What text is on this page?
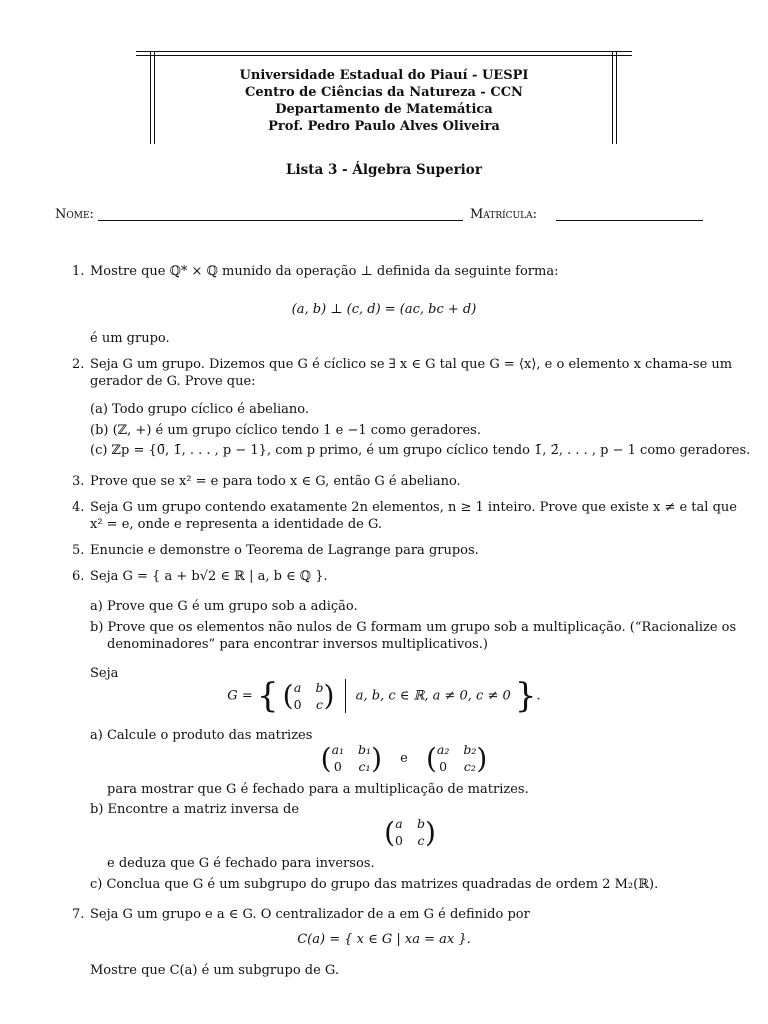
Universidade Estadual do Piauí - UESPI
Centro de Ciências da Natureza - CCN
Departamento de Matemática
Prof. Pedro Paulo Alves Oliveira
Lista 3 - Álgebra Superior
Nome:	Matrícula:
1. Mostre que ℚ* × ℚ munido da operação ⊥ definida da seguinte forma:
(a, b) ⊥ (c, d) = (ac, bc + d)
é um grupo.
2. Seja G um grupo. Dizemos que G é cíclico se ∃ x ∈ G tal que G = ⟨x⟩, e o elemento x chama-se um
gerador de G. Prove que:
(a) Todo grupo cíclico é abeliano.
(b) (ℤ, +) é um grupo cíclico tendo 1 e −1 como geradores.
(c) ℤp = {0̄, 1̄, . . . , p − 1}, com p primo, é um grupo cíclico tendo 1̄, 2̄, . . . , p − 1 como geradores.
3. Prove que se x² = e para todo x ∈ G, então G é abeliano.
4. Seja G um grupo contendo exatamente 2n elementos, n ≥ 1 inteiro. Prove que existe x ≠ e tal que
x² = e, onde e representa a identidade de G.
5. Enuncie e demonstre o Teorema de Lagrange para grupos.
6. Seja G = { a + b√2 ∈ ℝ | a, b ∈ ℚ }.
a) Prove que G é um grupo sob a adição.
b) Prove que os elementos não nulos de G formam um grupo sob a multiplicação. (“Racionalize os
denominadores” para encontrar inversos multiplicativos.)
Seja
G = { ( a b
0 c ) a, b, c ∈ ℝ, a ≠ 0, c ≠ 0 }.
a) Calcule o produto das matrizes
( a₁ b₁
0 c₁ ) e ( a₂ b₂
0 c₂ )
para mostrar que G é fechado para a multiplicação de matrizes.
b) Encontre a matriz inversa de
( a b
0 c )
e deduza que G é fechado para inversos.
c) Conclua que G é um subgrupo do grupo das matrizes quadradas de ordem 2 M₂(ℝ).
7. Seja G um grupo e a ∈ G. O centralizador de a em G é definido por
C(a) = { x ∈ G | xa = ax }.
Mostre que C(a) é um subgrupo de G.
